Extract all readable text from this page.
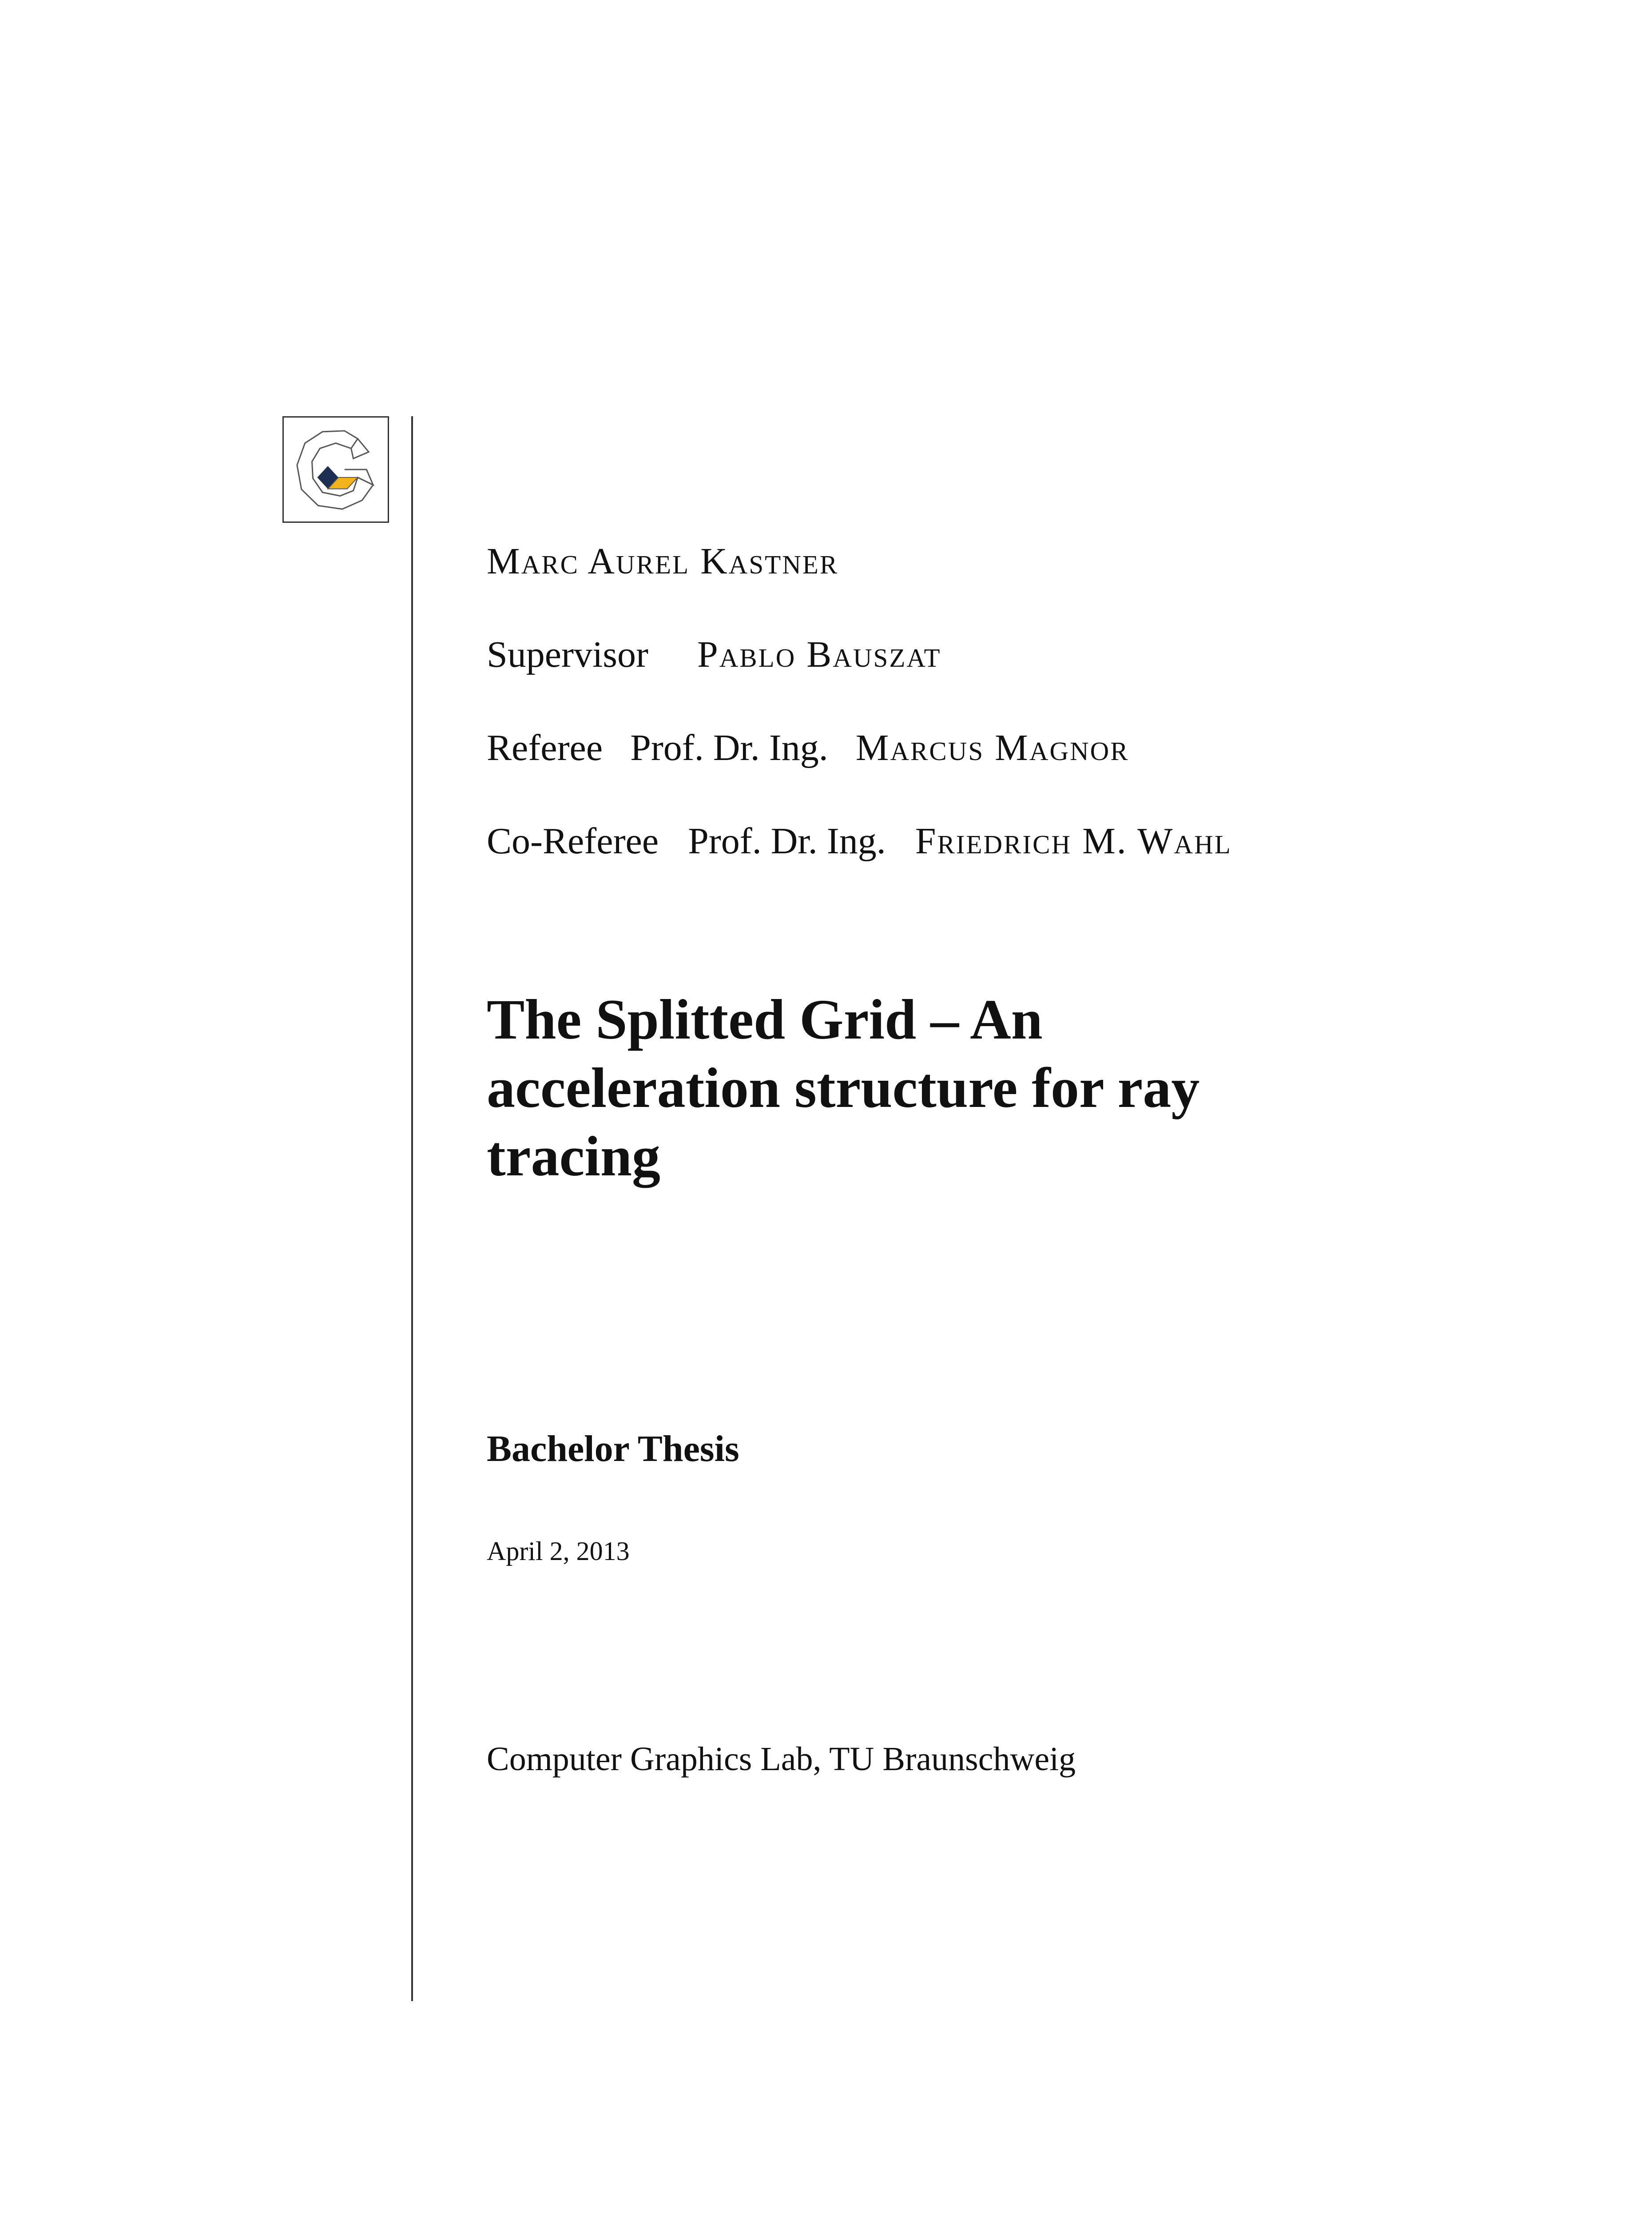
Marc Aurel Kastner
Supervisor Pablo Bauszat
Referee Prof. Dr. Ing. Marcus Magnor
Co-Referee Prof. Dr. Ing. Friedrich M. Wahl
The Splitted Grid – An
acceleration structure for ray
tracing
Bachelor Thesis
April 2, 2013
Computer Graphics Lab, TU Braunschweig
